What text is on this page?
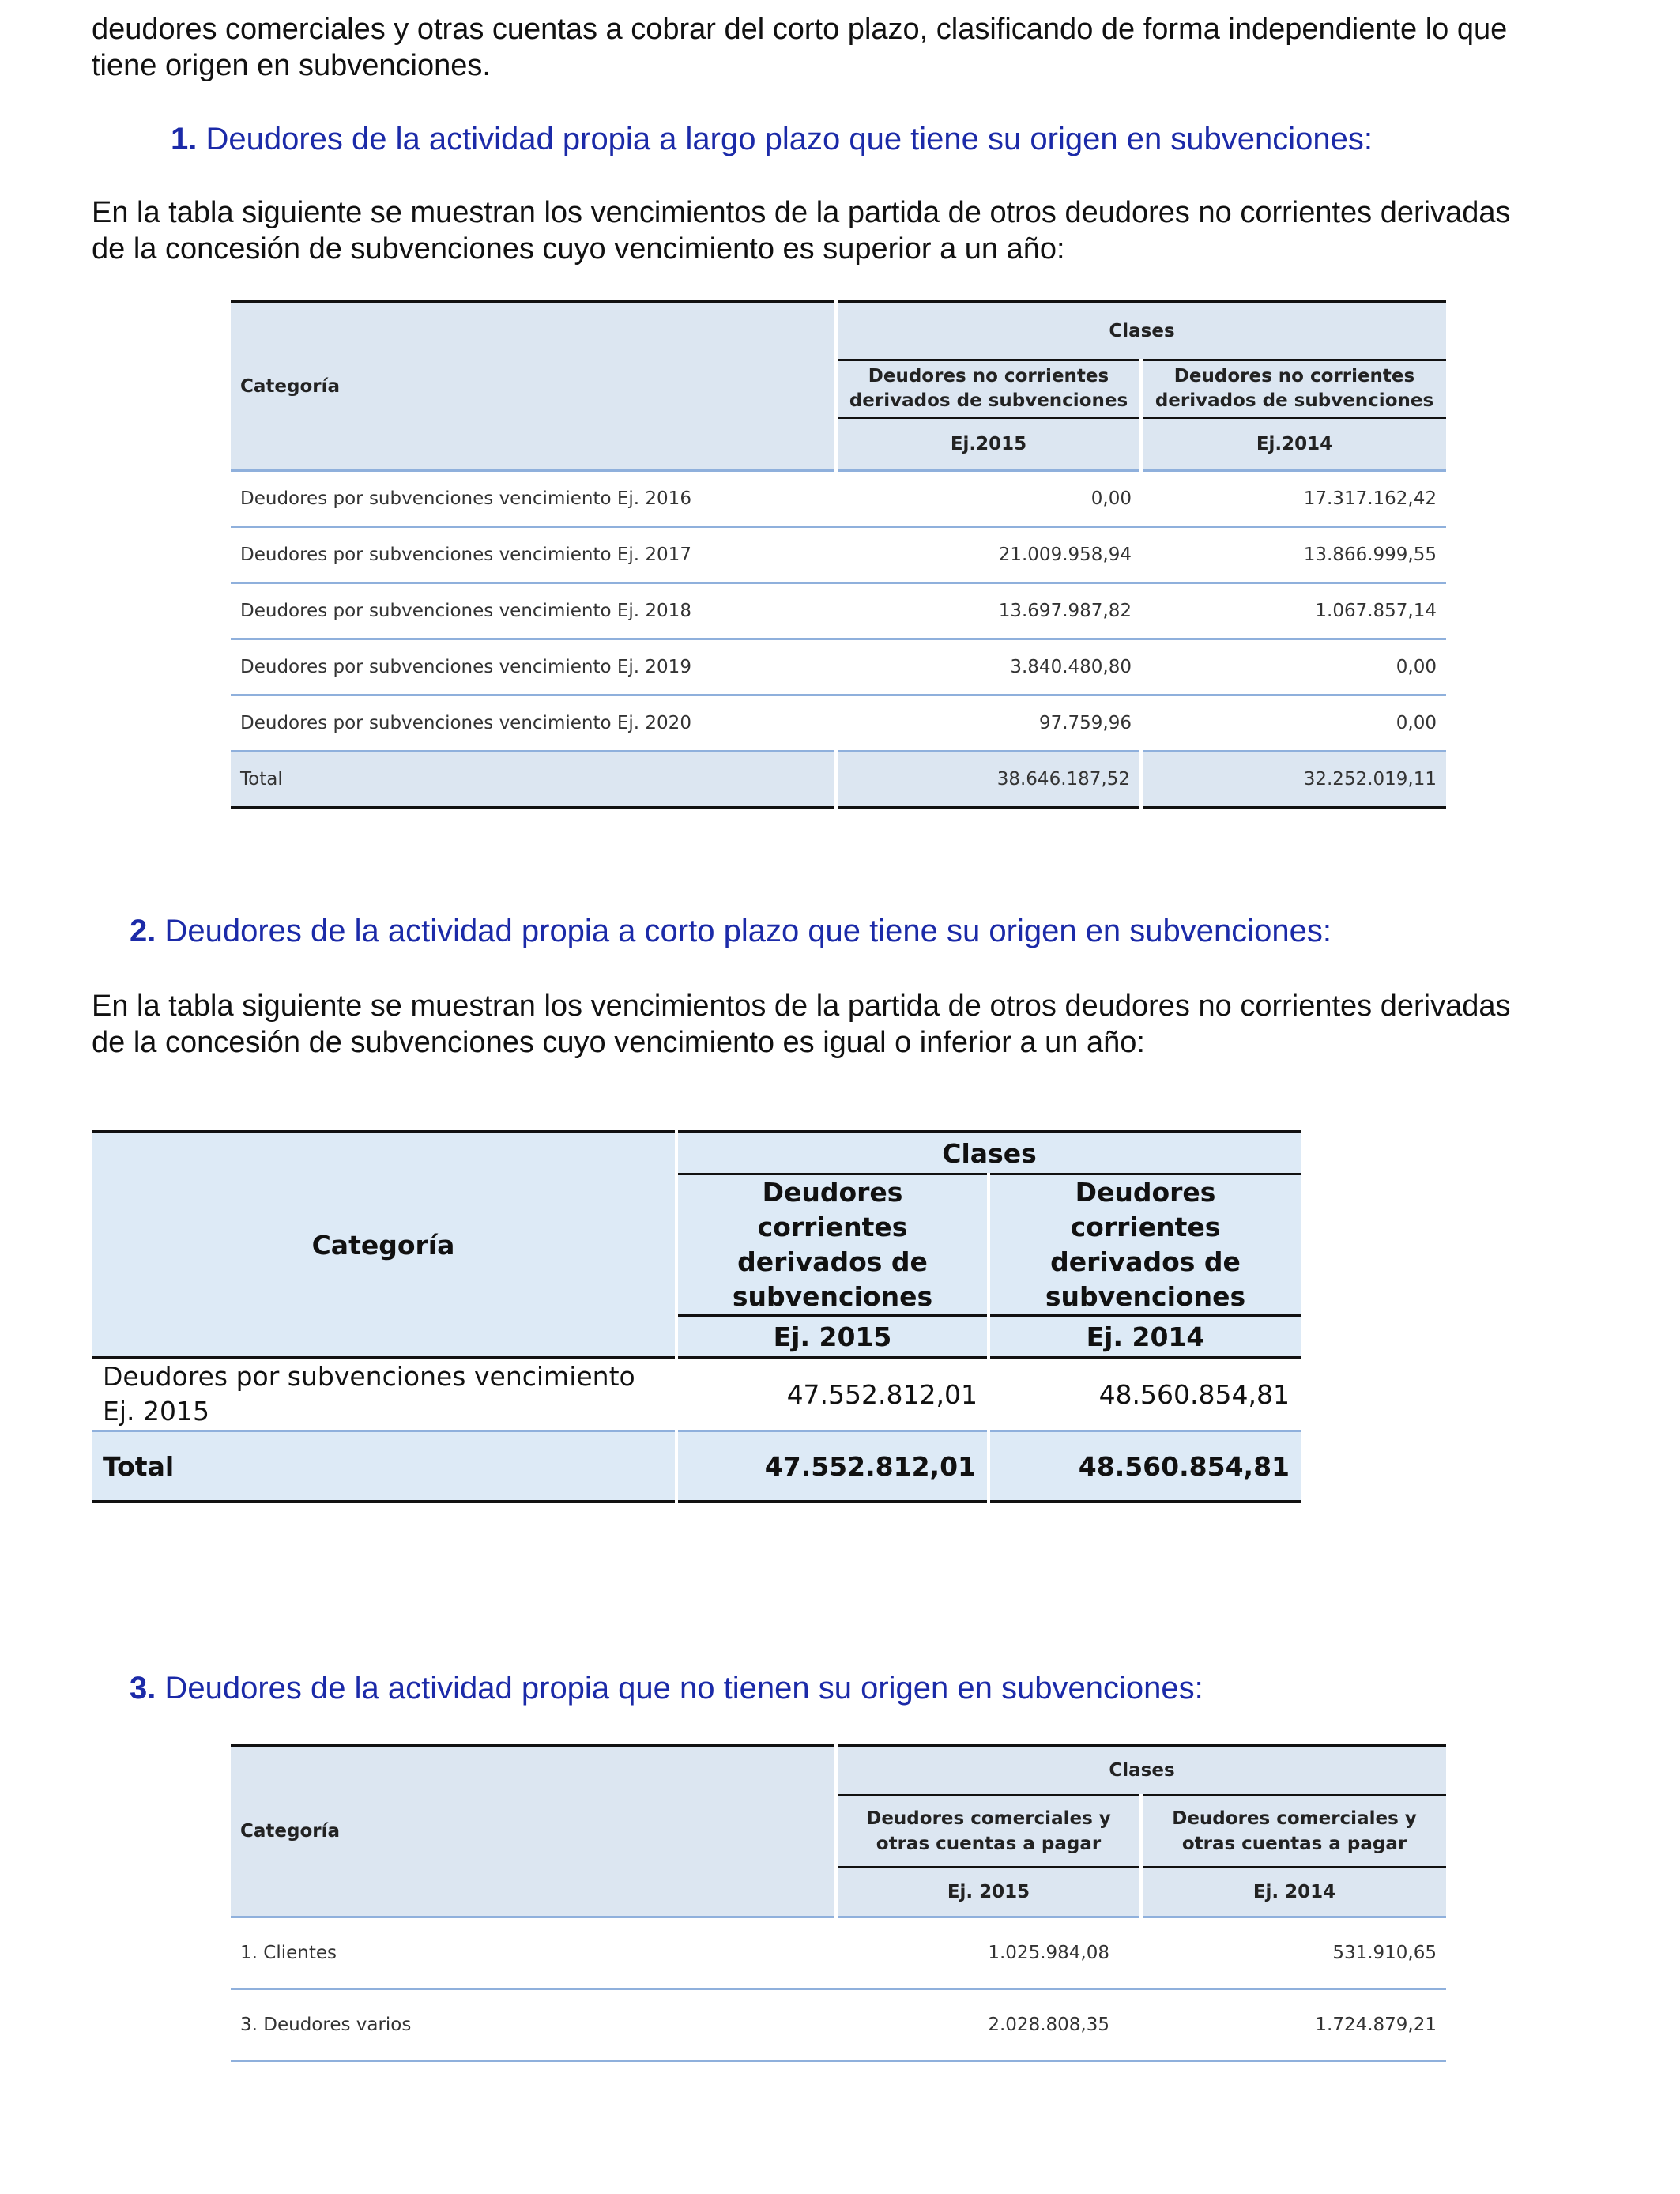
deudores comerciales y otras cuentas a cobrar del corto plazo, clasificando de forma independiente lo que
tiene origen en subvenciones.

1. Deudores de la actividad propia a largo plazo que tiene su origen en subvenciones:

En la tabla siguiente se muestran los vencimientos de la partida de otros deudores no corrientes derivadas
de la concesión de subvenciones cuyo vencimiento es superior a un año:

Categoría	Clases	
	Deudores no corrientes derivados de subvenciones	Deudores no corrientes derivados de subvenciones
	Ej.2015	Ej.2014
Deudores por subvenciones vencimiento Ej. 2016	0,00	17.317.162,42
Deudores por subvenciones vencimiento Ej. 2017	21.009.958,94	13.866.999,55
Deudores por subvenciones vencimiento Ej. 2018	13.697.987,82	1.067.857,14
Deudores por subvenciones vencimiento Ej. 2019	3.840.480,80	0,00
Deudores por subvenciones vencimiento Ej. 2020	97.759,96	0,00
Total	38.646.187,52	32.252.019,11

2. Deudores de la actividad propia a corto plazo que tiene su origen en subvenciones:

En la tabla siguiente se muestran los vencimientos de la partida de otros deudores no corrientes derivadas
de la concesión de subvenciones cuyo vencimiento es igual o inferior a un año:

Categoría	Clases	
	Deudores corrientes derivados de subvenciones	Deudores corrientes derivados de subvenciones
	Ej. 2015	Ej. 2014
Deudores por subvenciones vencimiento Ej. 2015	47.552.812,01	48.560.854,81
Total	47.552.812,01	48.560.854,81

3. Deudores de la actividad propia que no tienen su origen en subvenciones:

Categoría	Clases	
	Deudores comerciales y otras cuentas a pagar	Deudores comerciales y otras cuentas a pagar
	Ej. 2015	Ej. 2014
1. Clientes	1.025.984,08	531.910,65
3. Deudores varios	2.028.808,35	1.724.879,21
